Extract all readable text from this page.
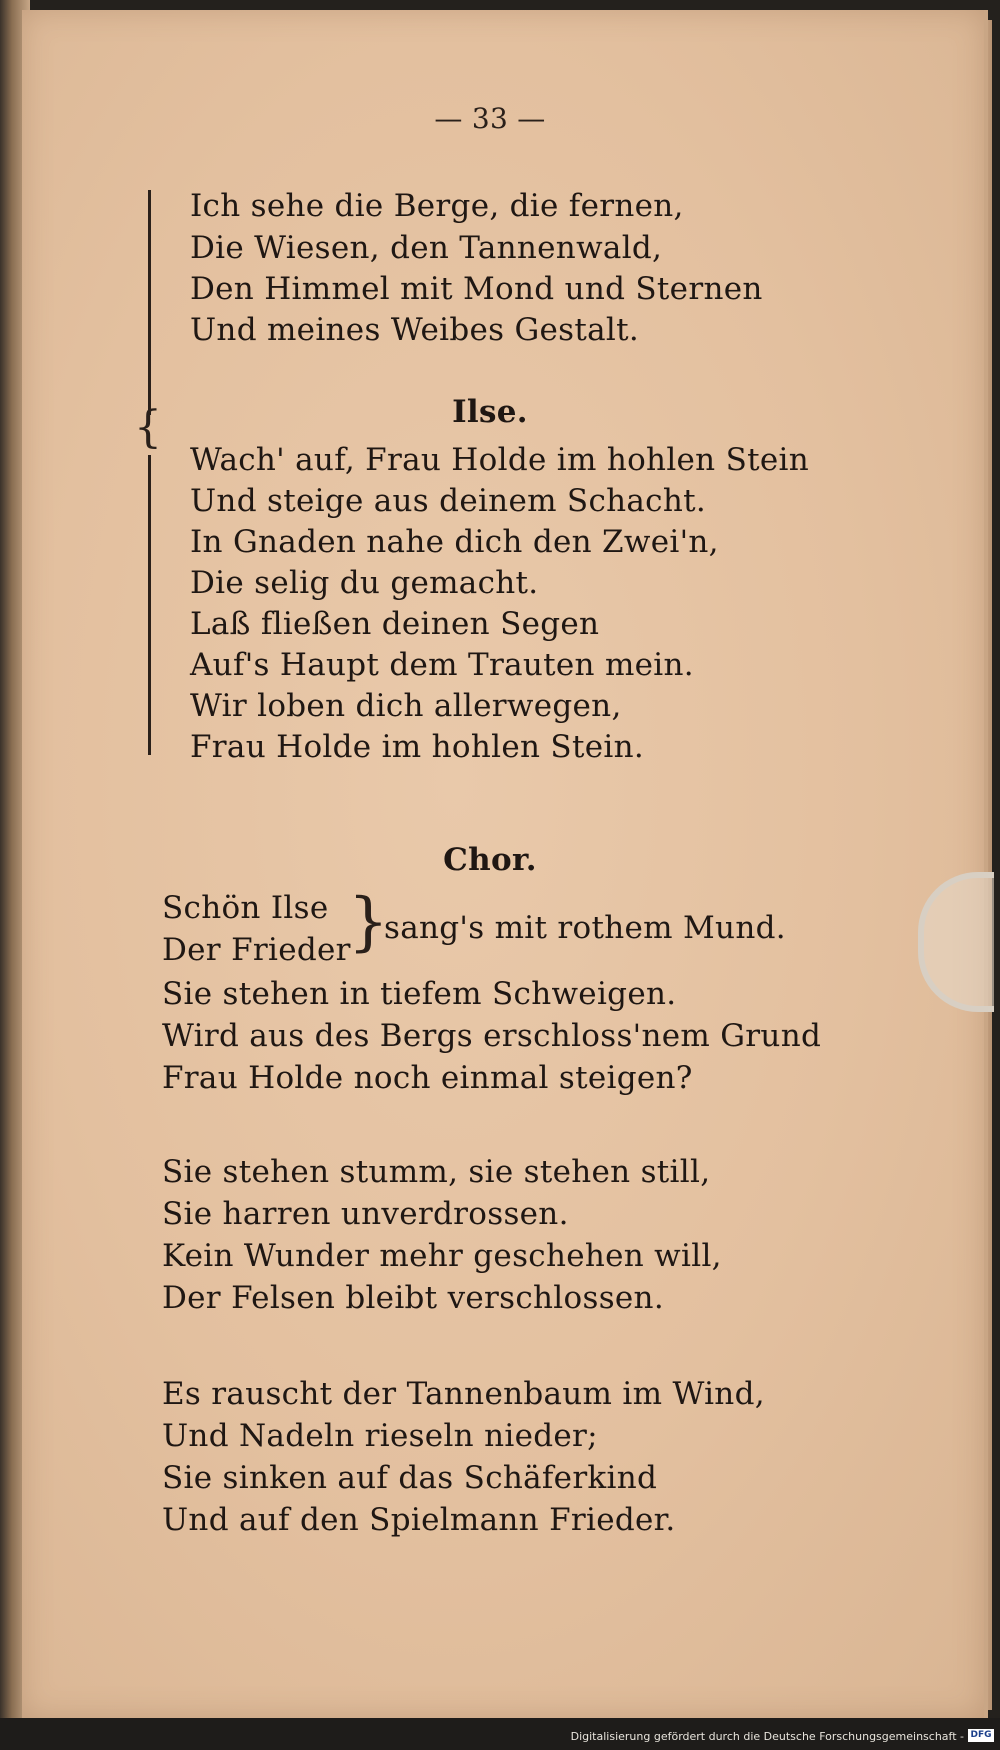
— 33 —
{
Ich sehe die Berge, die fernen,
Die Wiesen, den Tannenwald,
Den Himmel mit Mond und Sternen
Und meines Weibes Gestalt.
Ilse.
Wach' auf, Frau Holde im hohlen Stein
Und steige aus deinem Schacht.
In Gnaden nahe dich den Zwei'n,
Die selig du gemacht.
Laß fließen deinen Segen
Auf's Haupt dem Trauten mein.
Wir loben dich allerwegen,
Frau Holde im hohlen Stein.
Chor.
Schön Ilse
Der Frieder
}
sang's mit rothem Mund.
Sie stehen in tiefem Schweigen.
Wird aus des Bergs erschloss'nem Grund
Frau Holde noch einmal steigen?
Sie stehen stumm, sie stehen still,
Sie harren unverdrossen.
Kein Wunder mehr geschehen will,
Der Felsen bleibt verschlossen.
Es rauscht der Tannenbaum im Wind,
Und Nadeln rieseln nieder;
Sie sinken auf das Schäferkind
Und auf den Spielmann Frieder.
Digitalisierung gefördert durch die Deutsche Forschungsgemeinschaft - DFG
